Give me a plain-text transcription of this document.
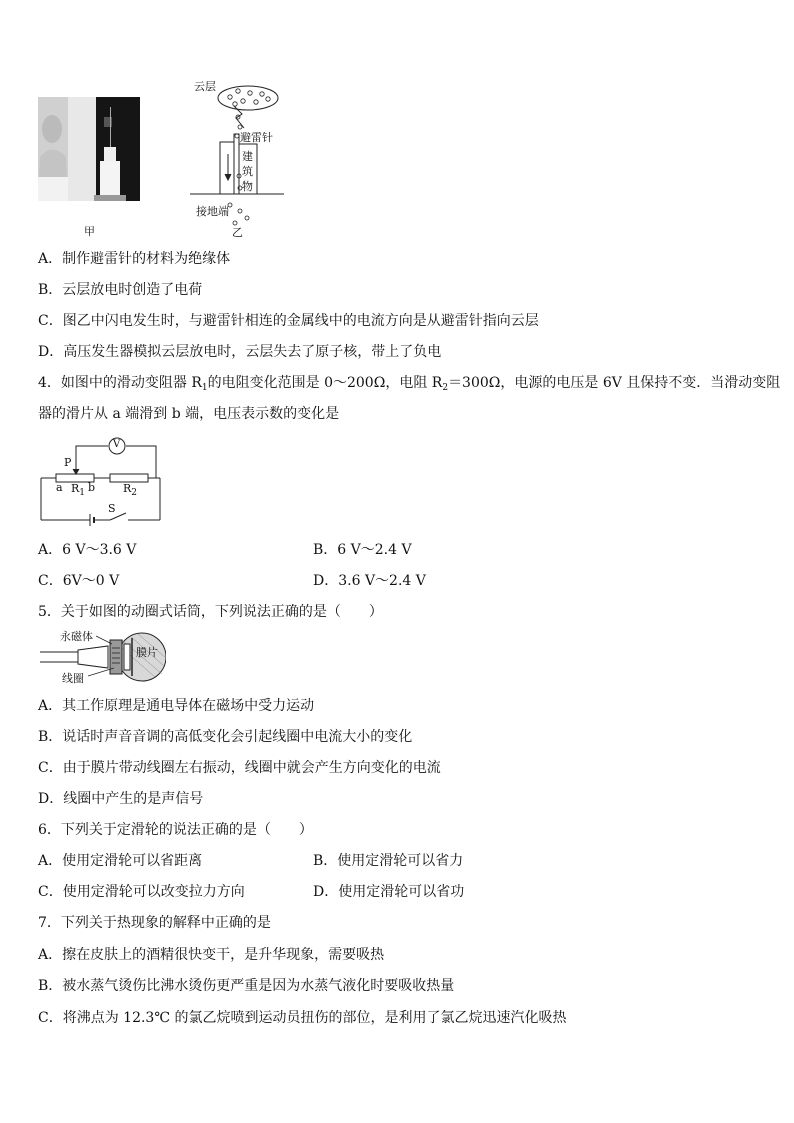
甲
云层
避雷针
建
筑
物
接地端
乙
A．制作避雷针的材料为绝缘体
B．云层放电时创造了电荷
C．图乙中闪电发生时，与避雷针相连的金属线中的电流方向是从避雷针指向云层
D．高压发生器模拟云层放电时，云层失去了原子核，带上了负电
4．如图中的滑动变阻器 $R_1$的电阻变化范围是 0～200Ω，电阻 $R_2=300\Omega$，电源的电压是 6V 且保持不变．当滑动变阻
器的滑片从 a 端滑到 b 端，电压表示数的变化是
V
P
a $R_1$ b	$R_2$
S
A．6 V～3.6 V	B．6 V～2.4 V
C．6V～0 V	D．3.6 V～2.4 V
5．关于如图的动圈式话筒，下列说法正确的是（　　）
永磁体
膜片
线圈
A．其工作原理是通电导体在磁场中受力运动
B．说话时声音音调的高低变化会引起线圈中电流大小的变化
C．由于膜片带动线圈左右振动，线圈中就会产生方向变化的电流
D．线圈中产生的是声信号
6．下列关于定滑轮的说法正确的是（　　）
A．使用定滑轮可以省距离	B．使用定滑轮可以省力
C．使用定滑轮可以改变拉力方向	D．使用定滑轮可以省功
7．下列关于热现象的解释中正确的是
A．擦在皮肤上的酒精很快变干，是升华现象，需要吸热
B．被水蒸气烫伤比沸水烫伤更严重是因为水蒸气液化时要吸收热量
C．将沸点为 12.3℃ 的氯乙烷喷到运动员扭伤的部位，是利用了氯乙烷迅速汽化吸热
